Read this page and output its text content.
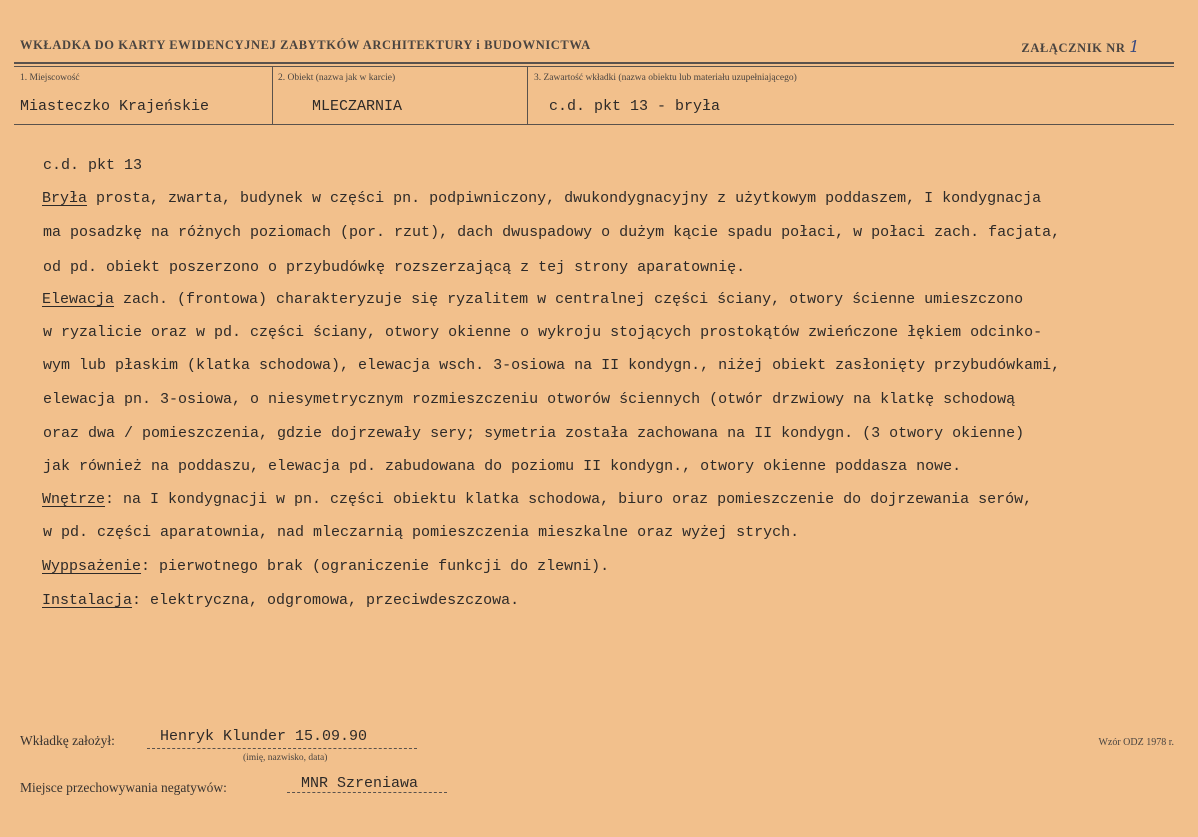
WKŁADKA DO KARTY EWIDENCYJNEJ ZABYTKÓW ARCHITEKTURY i BUDOWNICTWA	ZAŁĄCZNIK NR 1
1. Miejscowość
Miasteczko Krajeńskie
2. Obiekt (nazwa jak w karcie)
MLECZARNIA
3. Zawartość wkładki (nazwa obiektu lub materiału uzupełniającego)
c.d. pkt 13 - bryła
c.d. pkt 13
Bryła prosta, zwarta, budynek w części pn. podpiwniczony, dwukondygnacyjny z użytkowym poddaszem, I kondygnacja
ma posadzkę na różnych poziomach (por. rzut), dach dwuspadowy o dużym kącie spadu połaci, w połaci zach. facjata,
od pd. obiekt poszerzono o przybudówkę rozszerzającą z tej strony aparatownię.
Elewacja zach. (frontowa) charakteryzuje się ryzalitem w centralnej części ściany, otwory ścienne umieszczono
w ryzalicie oraz w pd. części ściany, otwory okienne o wykroju stojących prostokątów zwieńczone łękiem odcinko-
wym lub płaskim (klatka schodowa), elewacja wsch. 3-osiowa na II kondygn., niżej obiekt zasłonięty przybudówkami,
elewacja pn. 3-osiowa, o niesymetrycznym rozmieszczeniu otworów ściennych (otwór drzwiowy na klatkę schodową
oraz dwa / pomieszczenia, gdzie dojrzewały sery; symetria została zachowana na II kondygn. (3 otwory okienne)
jak również na poddaszu, elewacja pd. zabudowana do poziomu II kondygn., otwory okienne poddasza nowe.
Wnętrze: na I kondygnacji w pn. części obiektu klatka schodowa, biuro oraz pomieszczenie do dojrzewania serów,
w pd. części aparatownia, nad mleczarnią pomieszczenia mieszkalne oraz wyżej strych.
Wyppsażenie: pierwotnego brak (ograniczenie funkcji do zlewni).
Instalacja: elektryczna, odgromowa, przeciwdeszczowa.
Wkładkę założył:	Henryk Klunder 15.09.90
(imię, nazwisko, data)
Miejsce przechowywania negatywów:	MNR Szreniawa
Wzór ODZ 1978 r.
